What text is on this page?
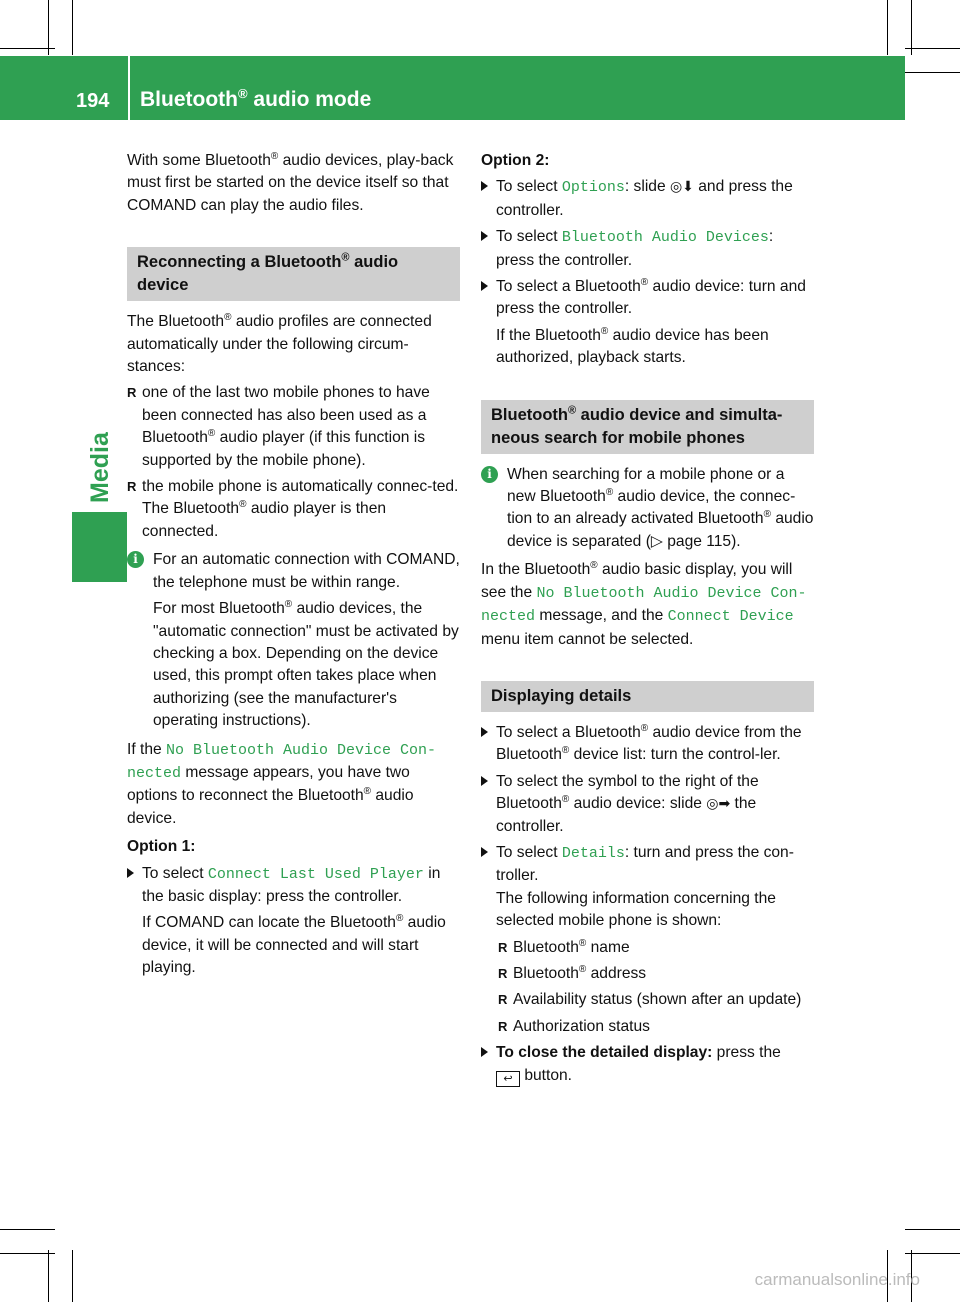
194	Bluetooth® audio mode
Media

With some Bluetooth® audio devices, play-back must first be started on the device itself so that COMAND can play the audio files.

Reconnecting a Bluetooth® audio device

The Bluetooth® audio profiles are connected automatically under the following circum-stances:

R one of the last two mobile phones to have been connected has also been used as a Bluetooth® audio player (if this function is supported by the mobile phone).
R the mobile phone is automatically connec-ted. The Bluetooth® audio player is then connected.
i For an automatic connection with COMAND, the telephone must be within range.
For most Bluetooth® audio devices, the "automatic connection" must be activated by checking a box. Depending on the device used, this prompt often takes place when authorizing (see the manufacturer's operating instructions).

If the No Bluetooth Audio Device Con‐nected message appears, you have two options to reconnect the Bluetooth® audio device.

Option 1:

To select Connect Last Used Player in the basic display: press the controller.
If COMAND can locate the Bluetooth® audio device, it will be connected and will start playing.

Option 2:

To select Options: slide ◎⬇ and press the controller.
To select Bluetooth Audio Devices: press the controller.
To select a Bluetooth® audio device: turn and press the controller.
If the Bluetooth® audio device has been authorized, playback starts.
Bluetooth® audio device and simulta-neous search for mobile phones
i When searching for a mobile phone or a new Bluetooth® audio device, the connec-tion to an already activated Bluetooth® audio device is separated (▷ page 115).

In the Bluetooth® audio basic display, you will see the No Bluetooth Audio Device Con‐nected message, and the Connect Device menu item cannot be selected.

Displaying details
To select a Bluetooth® audio device from the Bluetooth® device list: turn the control-ler.
To select the symbol to the right of the Bluetooth® audio device: slide ◎➡ the controller.
To select Details: turn and press the con-troller.
The following information concerning the selected mobile phone is shown:
R Bluetooth® name
R Bluetooth® address
R Availability status (shown after an update)
R Authorization status
To close the detailed display: press the
↩ button.
carmanualsonline.info
